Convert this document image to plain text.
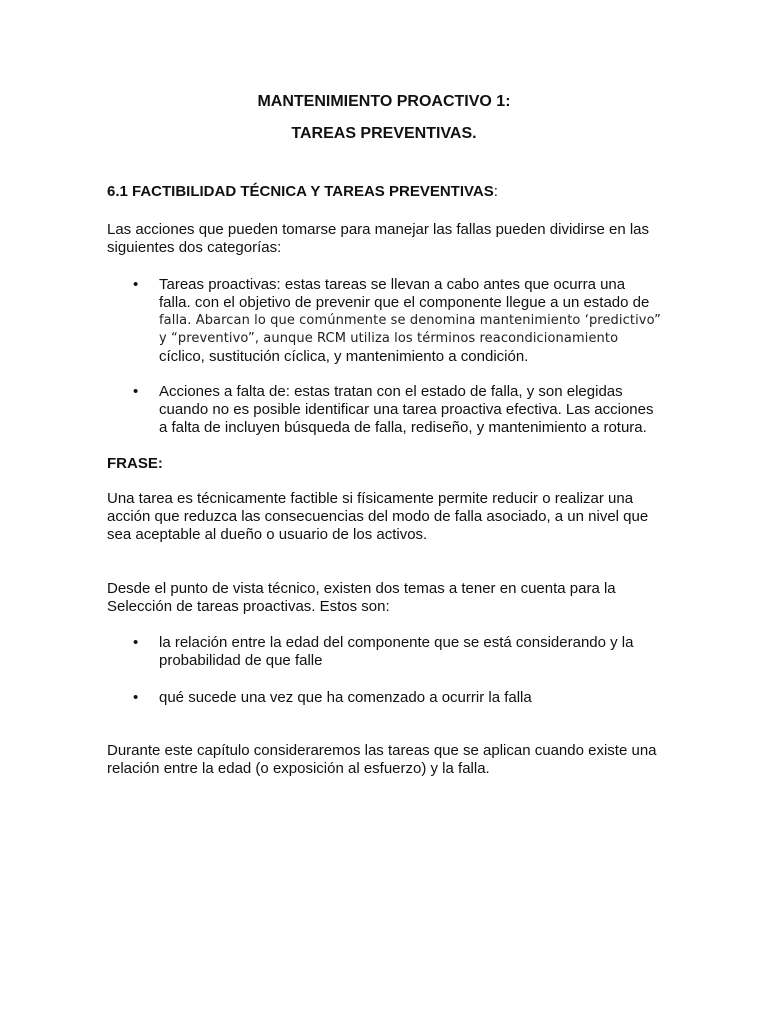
MANTENIMIENTO PROACTIVO 1:
TAREAS PREVENTIVAS.

6.1 FACTIBILIDAD TÉCNICA Y TAREAS PREVENTIVAS:

Las acciones que pueden tomarse para manejar las fallas pueden dividirse en las
siguientes dos categorías:

•	Tareas proactivas: estas tareas se llevan a cabo antes que ocurra una
falla. con el objetivo de prevenir que el componente llegue a un estado de
falla. Abarcan lo que comúnmente se denomina mantenimiento ‘predictivo”
y “preventivo”, aunque RCM utiliza los términos reacondicionamiento
cíclico, sustitución cíclica, y mantenimiento a condición.
•	Acciones a falta de: estas tratan con el estado de falla, y son elegidas
cuando no es posible identificar una tarea proactiva efectiva. Las acciones
a falta de incluyen búsqueda de falla, rediseño, y mantenimiento a rotura.

FRASE:

Una tarea es técnicamente factible si físicamente permite reducir o realizar una
acción que reduzca las consecuencias del modo de falla asociado, a un nivel que
sea aceptable al dueño o usuario de los activos.

Desde el punto de vista técnico, existen dos temas a tener en cuenta para la
Selección de tareas proactivas. Estos son:

•	la relación entre la edad del componente que se está considerando y la
probabilidad de que falle
•	qué sucede una vez que ha comenzado a ocurrir la falla

Durante este capítulo consideraremos las tareas que se aplican cuando existe una
relación entre la edad (o exposición al esfuerzo) y la falla.
